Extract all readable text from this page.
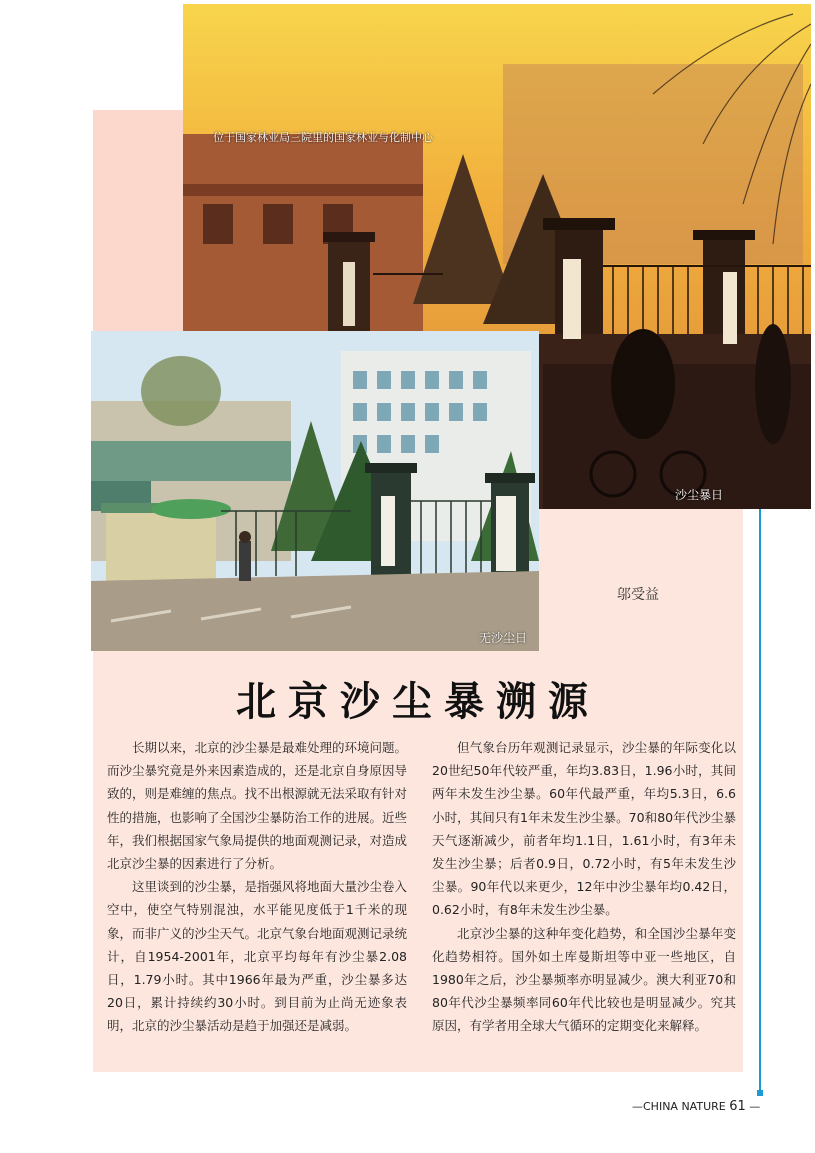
位于国家林业局三院里的国家林业与化制中心
沙尘暴日
无沙尘日
邬受益
北京沙尘暴溯源

长期以来，北京的沙尘暴是最难处理的环境问题。而沙尘暴究竟是外来因素造成的，还是北京自身原因导致的，则是难缠的焦点。找不出根源就无法采取有针对性的措施，也影响了全国沙尘暴防治工作的进展。近些年，我们根据国家气象局提供的地面观测记录，对造成北京沙尘暴的因素进行了分析。

这里谈到的沙尘暴，是指强风将地面大量沙尘卷入空中，使空气特别混浊，水平能见度低于1千米的现象，而非广义的沙尘天气。北京气象台地面观测记录统计，自1954-2001年，北京平均每年有沙尘暴2.08日，1.79小时。其中1966年最为严重，沙尘暴多达20日，累计持续约30小时。到目前为止尚无迹象表明，北京的沙尘暴活动是趋于加强还是减弱。

但气象台历年观测记录显示，沙尘暴的年际变化以20世纪50年代较严重，年均3.83日，1.96小时，其间两年未发生沙尘暴。60年代最严重，年均5.3日，6.6小时，其间只有1年未发生沙尘暴。70和80年代沙尘暴天气逐渐减少，前者年均1.1日，1.61小时，有3年未发生沙尘暴；后者0.9日，0.72小时，有5年未发生沙尘暴。90年代以来更少，12年中沙尘暴年均0.42日，0.62小时，有8年未发生沙尘暴。

北京沙尘暴的这种年变化趋势，和全国沙尘暴年变化趋势相符。国外如土库曼斯坦等中亚一些地区，自1980年之后，沙尘暴频率亦明显减少。澳大利亚70和80年代沙尘暴频率同60年代比较也是明显减少。究其原因，有学者用全球大气循环的定期变化来解释。

—CHINA NATURE 61 —
